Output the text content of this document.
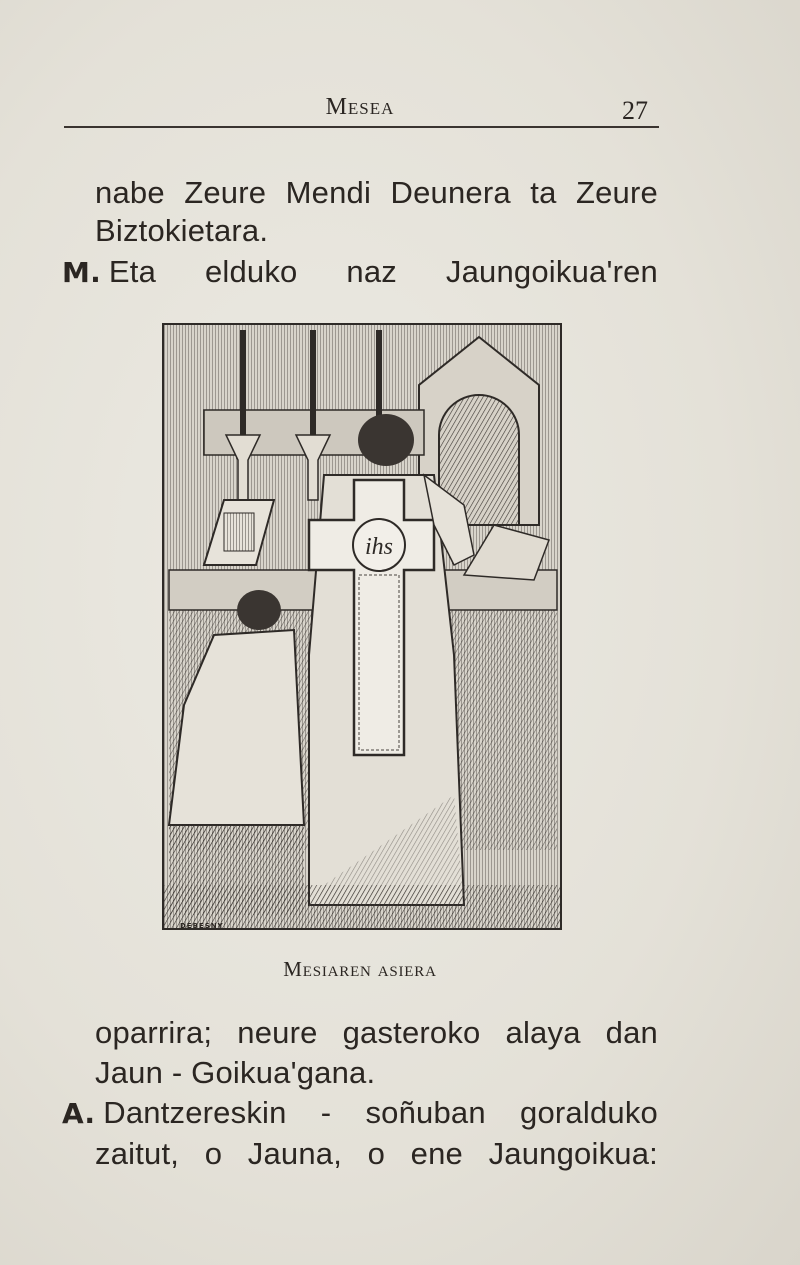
Mesea	27
nabe Zeure Mendi Deunera ta Zeure
Biztokietara.
M. Eta elduko naz Jaungoikua'ren
ihs
DEBESNY
Mesiaren asiera
oparrira; neure gasteroko alaya dan
Jaun - Goikua'gana.
A. Dantzereskin - soñuban goralduko
zaitut, o Jauna, o ene Jaungoikua:
